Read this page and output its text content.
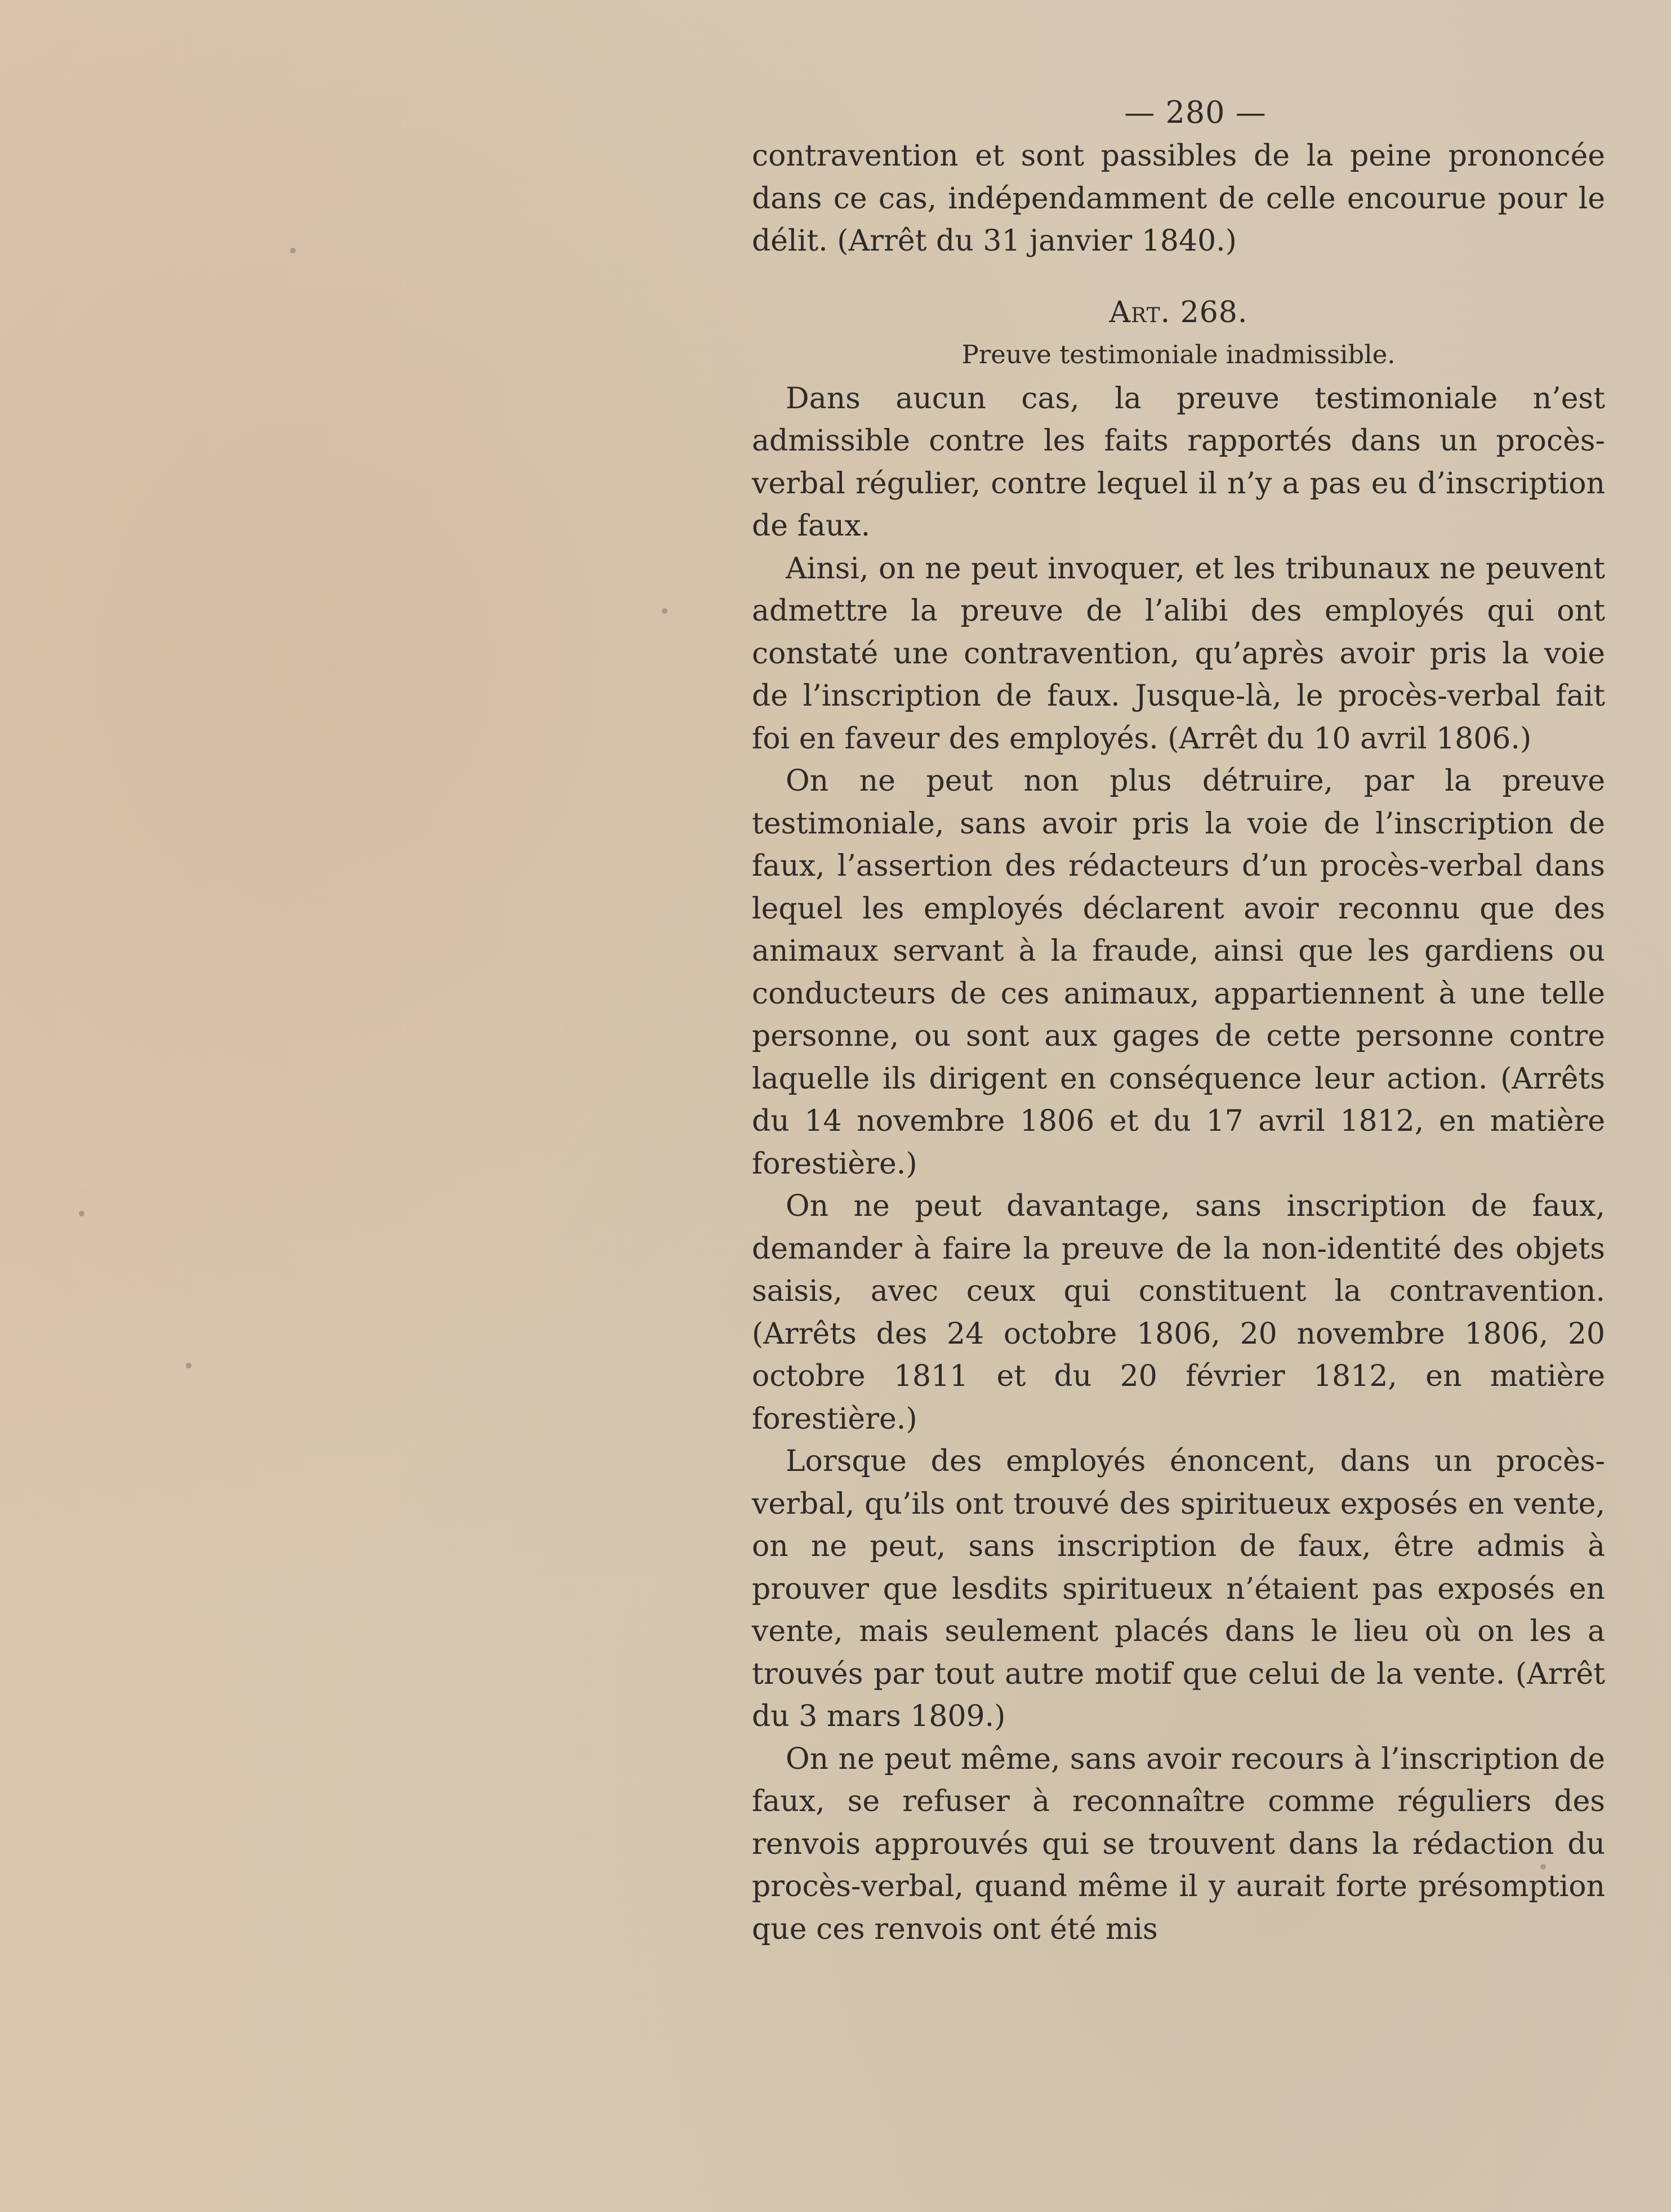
— 280 —

contravention et sont passibles de la peine prononcée dans ce cas, indépendamment de celle encourue pour le délit. (Arrêt du 31 janvier 1840.)

Art. 268.
Preuve testimoniale inadmissible.

Dans aucun cas, la preuve testimoniale n’est admissible contre les faits rapportés dans un procès-verbal régulier, contre lequel il n’y a pas eu d’inscription de faux.

Ainsi, on ne peut invoquer, et les tribunaux ne peuvent admettre la preuve de l’alibi des employés qui ont constaté une contravention, qu’après avoir pris la voie de l’inscription de faux. Jusque-là, le procès-verbal fait foi en faveur des employés. (Arrêt du 10 avril 1806.)

On ne peut non plus détruire, par la preuve testimoniale, sans avoir pris la voie de l’inscription de faux, l’assertion des rédacteurs d’un procès-verbal dans lequel les employés déclarent avoir reconnu que des animaux servant à la fraude, ainsi que les gardiens ou conducteurs de ces animaux, appartiennent à une telle personne, ou sont aux gages de cette personne contre laquelle ils dirigent en conséquence leur action. (Arrêts du 14 novembre 1806 et du 17 avril 1812, en matière forestière.)

On ne peut davantage, sans inscription de faux, demander à faire la preuve de la non-identité des objets saisis, avec ceux qui constituent la contravention. (Arrêts des 24 octobre 1806, 20 novembre 1806, 20 octobre 1811 et du 20 février 1812, en matière forestière.)

Lorsque des employés énoncent, dans un procès-verbal, qu’ils ont trouvé des spiritueux exposés en vente, on ne peut, sans inscription de faux, être admis à prouver que lesdits spiritueux n’étaient pas exposés en vente, mais seulement placés dans le lieu où on les a trouvés par tout autre motif que celui de la vente. (Arrêt du 3 mars 1809.)

On ne peut même, sans avoir recours à l’inscription de faux, se refuser à reconnaître comme réguliers des renvois approuvés qui se trouvent dans la rédaction du procès-verbal, quand même il y aurait forte présomption que ces renvois ont été mis
